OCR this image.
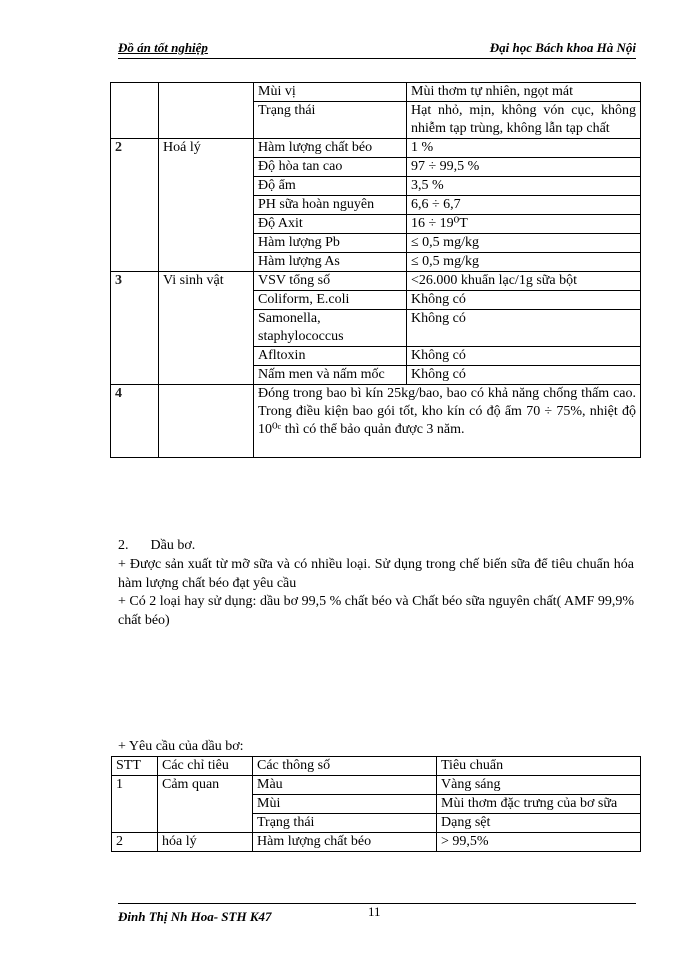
Đồ án tốt nghiệp	Đại học Bách khoa Hà Nội
		Mùi vị	Mùi thơm tự nhiên, ngọt mát
		Trạng thái	Hạt nhỏ, mịn, không vón cục, không nhiễm tạp trùng, không lẫn tạp chất
2	Hoá lý	Hàm lượng chất béo	1 %
		Độ hòa tan cao	97 ÷ 99,5 %
		Độ ẩm	3,5 %
		PH sữa hoàn nguyên	6,6 ÷ 6,7
		Độ Axit	16 ÷ 19⁰T
		Hàm lượng Pb	≤ 0,5 mg/kg
		Hàm lượng As	≤ 0,5 mg/kg
3	Vi sinh vật	VSV tổng số	<26.000 khuẩn lạc/1g sữa bột
		Coliform, E.coli	Không có
		Samonella, staphylococcus	Không có
		Afltoxin	Không có
		Nấm men và nấm mốc	Không có
4		Đóng trong bao bì kín 25kg/bao, bao có khả năng chống thấm cao. Trong điều kiện bao gói tốt, kho kín có độ ẩm 70 ÷ 75%, nhiệt độ 10⁰ᶜ thì có thể bảo quản được 3 năm.	
2. Dầu bơ.
+ Được sản xuất từ mỡ sữa và có nhiều loại. Sử dụng trong chế biến sữa để tiêu chuẩn hóa hàm lượng chất béo đạt yêu cầu
+ Có 2 loại hay sử dụng: dầu bơ 99,5 % chất béo và Chất béo sữa nguyên chất( AMF 99,9% chất béo)
+ Yêu cầu của dầu bơ:
STT	Các chỉ tiêu	Các thông số	Tiêu chuẩn
1	Cảm quan	Màu	Vàng sáng
		Mùi	Mùi thơm đặc trưng của bơ sữa
		Trạng thái	Dạng sệt
2	hóa lý	Hàm lượng chất béo	> 99,5%
Đinh Thị Nh Hoa- STH K47	11
